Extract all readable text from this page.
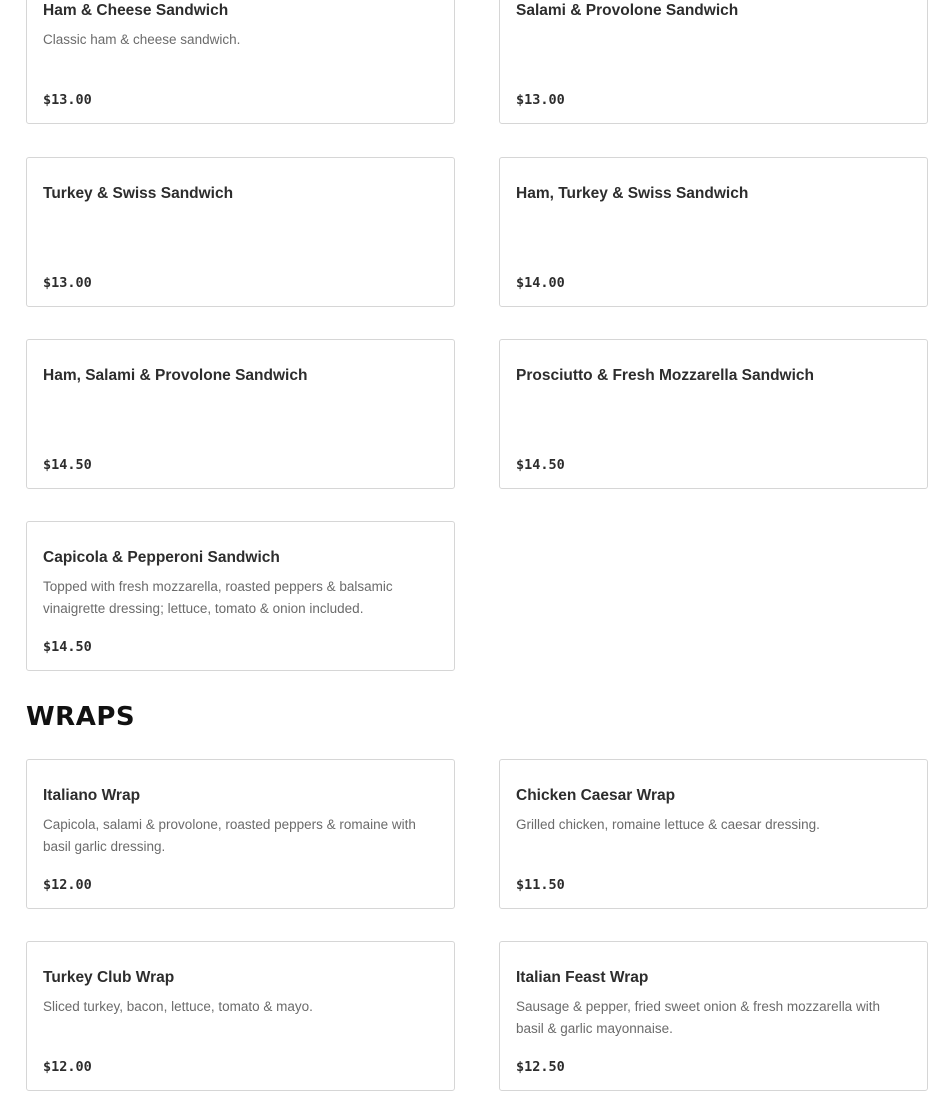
Ham & Cheese Sandwich
Classic ham & cheese sandwich.
$13.00
Salami & Provolone Sandwich
$13.00
Turkey & Swiss Sandwich
$13.00
Ham, Turkey & Swiss Sandwich
$14.00
Ham, Salami & Provolone Sandwich
$14.50
Prosciutto & Fresh Mozzarella Sandwich
$14.50
Capicola & Pepperoni Sandwich
Topped with fresh mozzarella, roasted peppers & balsamic vinaigrette dressing; lettuce, tomato & onion included.
$14.50
WRAPS
Italiano Wrap
Capicola, salami & provolone, roasted peppers & romaine with basil garlic dressing.
$12.00
Chicken Caesar Wrap
Grilled chicken, romaine lettuce & caesar dressing.
$11.50
Turkey Club Wrap
Sliced turkey, bacon, lettuce, tomato & mayo.
$12.00
Italian Feast Wrap
Sausage & pepper, fried sweet onion & fresh mozzarella with basil & garlic mayonnaise.
$12.50
